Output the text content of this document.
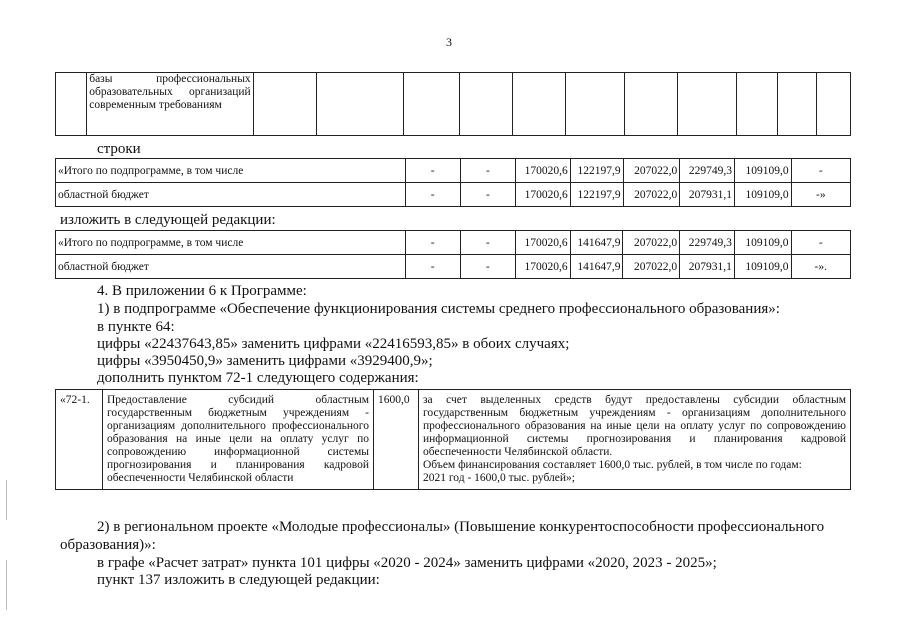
3
	базы профессиональных образовательных организаций современным требованиям											
строки
«Итого по подпрограмме, в том числе	-	-	170020,6	122197,9	207022,0	229749,3	109109,0	-
областной бюджет	-	-	170020,6	122197,9	207022,0	207931,1	109109,0	-»
изложить в следующей редакции:
«Итого по подпрограмме, в том числе	-	-	170020,6	141647,9	207022,0	229749,3	109109,0	-
областной бюджет	-	-	170020,6	141647,9	207022,0	207931,1	109109,0	-».
4. В приложении 6 к Программе:
1) в подпрограмме «Обеспечение функционирования системы среднего профессионального образования»:
в пункте 64:
цифры «22437643,85» заменить цифрами «22416593,85» в обоих случаях;
цифры «3950450,9» заменить цифрами «3929400,9»;
дополнить пунктом 72-1 следующего содержания:
«72-1.	Предоставление субсидий областным государственным бюджетным учреждениям - организациям дополнительного профессионального образования на иные цели на оплату услуг по сопровождению информационной системы прогнозирования и планирования кадровой обеспеченности Челябинской области	1600,0	за счет выделенных средств будут предоставлены субсидии областным государственным бюджетным учреждениям - организациям дополнительного профессионального образования на иные цели на оплату услуг по сопровождению информационной системы прогнозирования и планирования кадровой обеспеченности Челябинской области.
Объем финансирования составляет 1600,0 тыс. рублей, в том числе по годам:
2021 год - 1600,0 тыс. рублей»;
2) в региональном проекте «Молодые профессионалы» (Повышение конкурентоспособности профессионального
образования)»:
в графе «Расчет затрат» пункта 101 цифры «2020 - 2024» заменить цифрами «2020, 2023 - 2025»;
пункт 137 изложить в следующей редакции:
